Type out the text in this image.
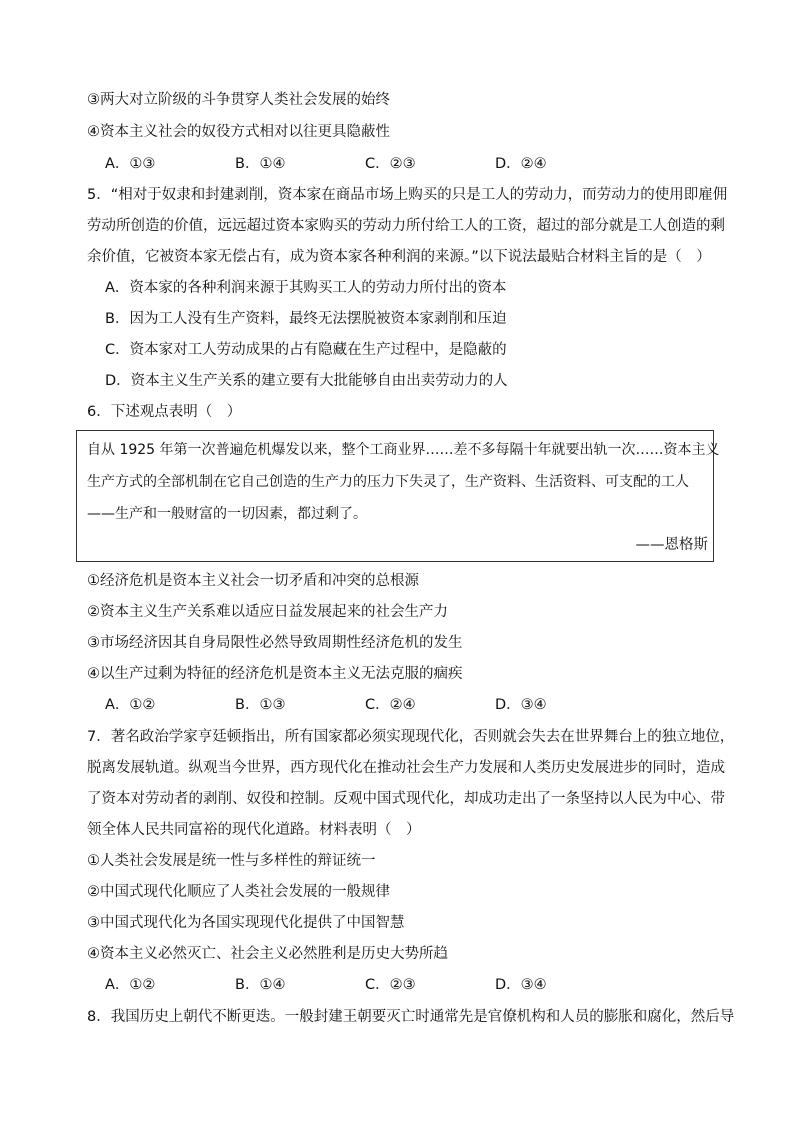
③两大对立阶级的斗争贯穿人类社会发展的始终
④资本主义社会的奴役方式相对以往更具隐蔽性
A．①③	B．①④	C．②③	D．②④
5．“相对于奴隶和封建剥削，资本家在商品市场上购买的只是工人的劳动力，而劳动力的使用即雇佣
劳动所创造的价值，远远超过资本家购买的劳动力所付给工人的工资，超过的部分就是工人创造的剩
余价值，它被资本家无偿占有，成为资本家各种利润的来源。”以下说法最贴合材料主旨的是（　）
A．资本家的各种利润来源于其购买工人的劳动力所付出的资本
B．因为工人没有生产资料，最终无法摆脱被资本家剥削和压迫
C．资本家对工人劳动成果的占有隐藏在生产过程中，是隐蔽的
D．资本主义生产关系的建立要有大批能够自由出卖劳动力的人
6．下述观点表明（　）
自从 1925 年第一次普遍危机爆发以来，整个工商业界……差不多每隔十年就要出轨一次……资本主义
生产方式的全部机制在它自己创造的生产力的压力下失灵了，生产资料、生活资料、可支配的工人
——生产和一般财富的一切因素，都过剩了。
——恩格斯
①经济危机是资本主义社会一切矛盾和冲突的总根源
②资本主义生产关系难以适应日益发展起来的社会生产力
③市场经济因其自身局限性必然导致周期性经济危机的发生
④以生产过剩为特征的经济危机是资本主义无法克服的痼疾
A．①②	B．①③	C．②④	D．③④
7．著名政治学家亨廷顿指出，所有国家都必须实现现代化，否则就会失去在世界舞台上的独立地位，
脱离发展轨道。纵观当今世界，西方现代化在推动社会生产力发展和人类历史发展进步的同时，造成
了资本对劳动者的剥削、奴役和控制。反观中国式现代化，却成功走出了一条坚持以人民为中心、带
领全体人民共同富裕的现代化道路。材料表明（　）
①人类社会发展是统一性与多样性的辩证统一
②中国式现代化顺应了人类社会发展的一般规律
③中国式现代化为各国实现现代化提供了中国智慧
④资本主义必然灭亡、社会主义必然胜利是历史大势所趋
A．①②	B．①④	C．②③	D．③④
8．我国历史上朝代不断更迭。一般封建王朝要灭亡时通常先是官僚机构和人员的膨胀和腐化，然后导
